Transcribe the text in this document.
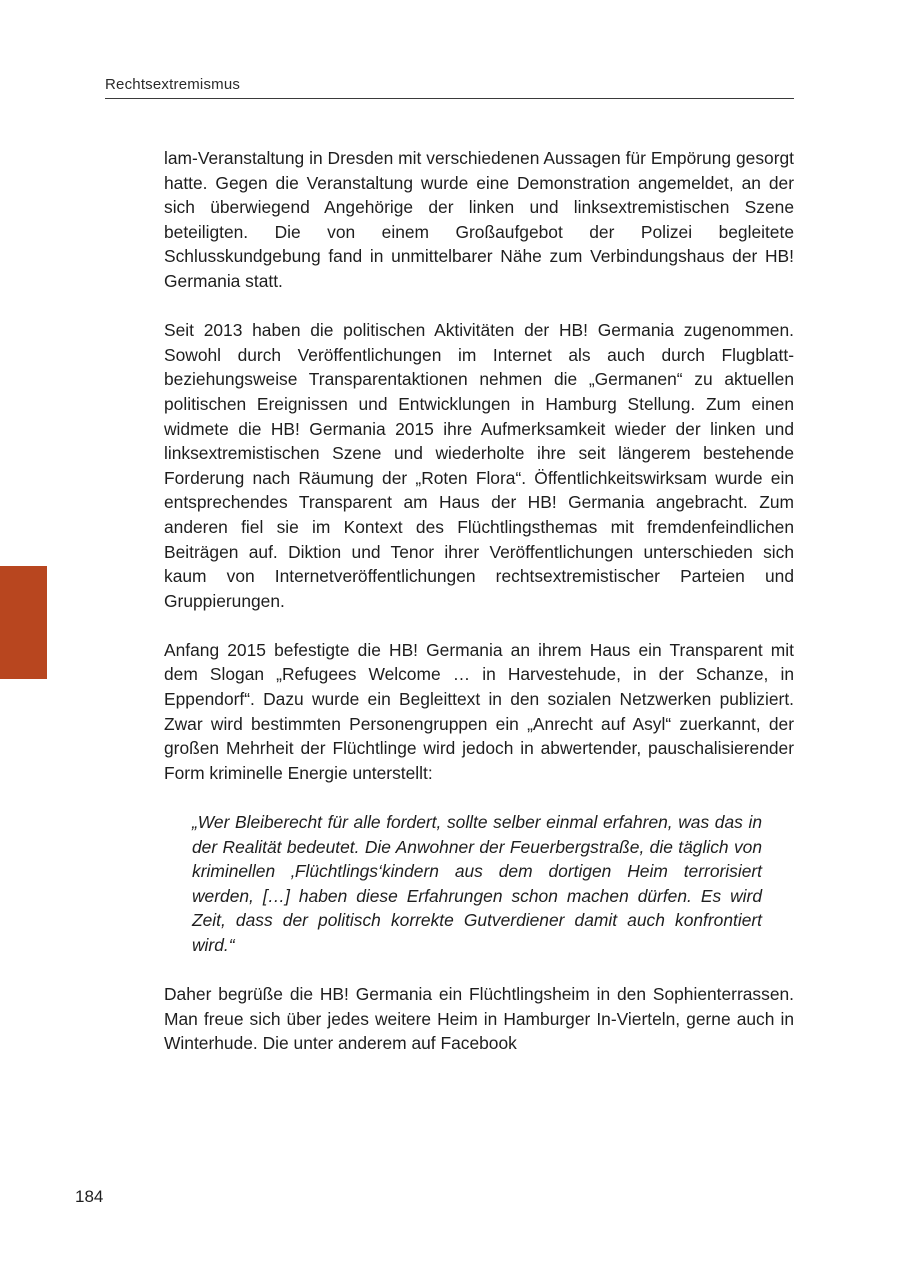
Rechtsextremismus

lam-Veranstaltung in Dresden mit verschiedenen Aussagen für Empörung gesorgt hatte. Gegen die Veranstaltung wurde eine Demonstration angemeldet, an der sich überwiegend Angehörige der linken und linksextremistischen Szene beteiligten. Die von einem Großaufgebot der Polizei begleitete Schlusskundgebung fand in unmittelbarer Nähe zum Verbindungshaus der HB! Germania statt.

Seit 2013 haben die politischen Aktivitäten der HB! Germania zugenommen. Sowohl durch Veröffentlichungen im Internet als auch durch Flugblatt- beziehungsweise Transparentaktionen nehmen die „Germanen“ zu aktuellen politischen Ereignissen und Entwicklungen in Hamburg Stellung. Zum einen widmete die HB! Germania 2015 ihre Aufmerksamkeit wieder der linken und linksextremistischen Szene und wiederholte ihre seit längerem bestehende Forderung nach Räumung der „Roten Flora“. Öffentlichkeitswirksam wurde ein entsprechendes Transparent am Haus der HB! Germania angebracht. Zum anderen fiel sie im Kontext des Flüchtlingsthemas mit fremdenfeindlichen Beiträgen auf. Diktion und Tenor ihrer Veröffentlichungen unterschieden sich kaum von Internetveröffentlichungen rechtsextremistischer Parteien und Gruppierungen.

Anfang 2015 befestigte die HB! Germania an ihrem Haus ein Transparent mit dem Slogan „Refugees Welcome … in Harvestehude, in der Schanze, in Eppendorf“. Dazu wurde ein Begleittext in den sozialen Netzwerken publiziert. Zwar wird bestimmten Personengruppen ein „Anrecht auf Asyl“ zuerkannt, der großen Mehrheit der Flüchtlinge wird jedoch in abwertender, pauschalisierender Form kriminelle Energie unterstellt:

„Wer Bleiberecht für alle fordert, sollte selber einmal erfahren, was das in der Realität bedeutet. Die Anwohner der Feuerbergstraße, die täglich von kriminellen ‚Flüchtlings‘kindern aus dem dortigen Heim terrorisiert werden, […] haben diese Erfahrungen schon machen dürfen. Es wird Zeit, dass der politisch korrekte Gutverdiener damit auch konfrontiert wird.“

Daher begrüße die HB! Germania ein Flüchtlingsheim in den Sophienterrassen. Man freue sich über jedes weitere Heim in Hamburger In-Vierteln, gerne auch in Winterhude. Die unter anderem auf Facebook

184
